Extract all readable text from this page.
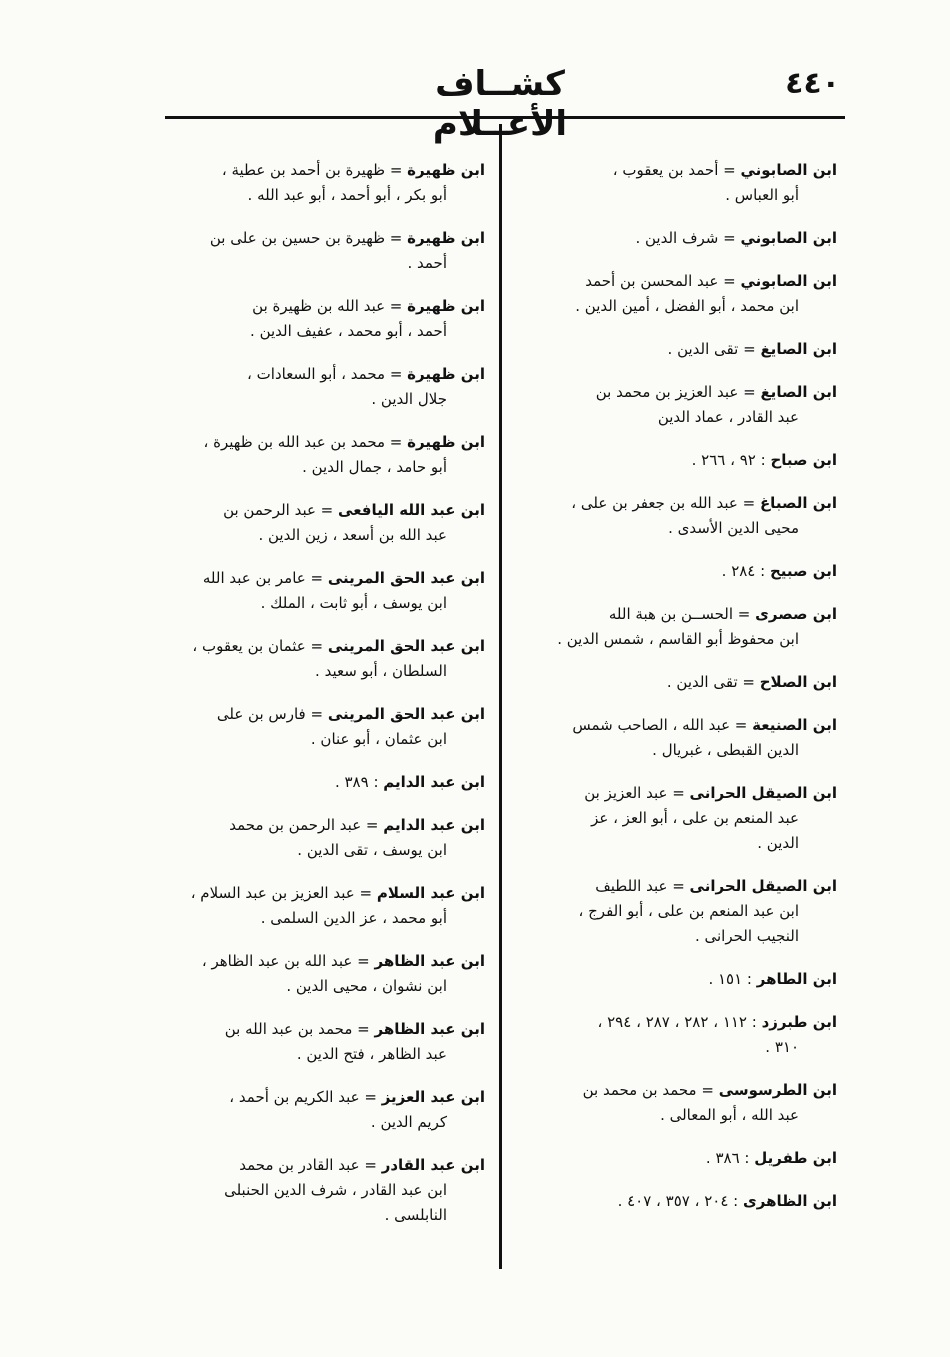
٤٤٠
كشــاف الأعــلام
ابن الصابوني = أحمد بن يعقوب ،
أبو العباس .
ابن الصابوني = شرف الدين .
ابن الصابوني = عبد المحسن بن أحمد
ابن محمد ، أبو الفضل ، أمين الدين .
ابن الصايغ = تقى الدين .
ابن الصايغ = عبد العزيز بن محمد بن
عبد القادر ، عماد الدين
ابن صباح : ٩٢ ، ٢٦٦ .
ابن الصباغ = عبد الله بن جعفر بن على ،
محيى الدين الأسدى .
ابن صبيح : ٢٨٤ .
ابن صصرى = الحســن بن هبة الله
ابن محفوظ أبو القاسم ، شمس الدين .
ابن الصلاح = تقى الدين .
ابن الصنيعة = عبد الله ، الصاحب شمس
الدين القبطى ، غبريال .
ابن الصيقل الحرانى = عبد العزيز بن
عبد المنعم بن على ، أبو العز ، عز
الدين .
ابن الصيقل الحرانى = عبد اللطيف
ابن عبد المنعم بن على ، أبو الفرج ،
النجيب الحرانى .
ابن الطاهر : ١٥١ .
ابن طبرزد : ١١٢ ، ٢٨٢ ، ٢٨٧ ، ٢٩٤ ،
٣١٠ .
ابن الطرسوسى = محمد بن محمد بن
عبد الله ، أبو المعالى .
ابن طفريل : ٣٨٦ .
ابن الظاهرى : ٢٠٤ ، ٣٥٧ ، ٤٠٧ .
ابن ظهيرة = ظهيرة بن أحمد بن عطية ،
أبو بكر ، أبو أحمد ، أبو عبد الله .
ابن ظهيرة = ظهيرة بن حسين بن على بن
أحمد .
ابن ظهيرة = عبد الله بن ظهيرة بن
أحمد ، أبو محمد ، عفيف الدين .
ابن ظهيرة = محمد ، أبو السعادات ،
جلال الدين .
ابن ظهيرة = محمد بن عبد الله بن ظهيرة ،
أبو حامد ، جمال الدين .
ابن عبد الله اليافعى = عبد الرحمن بن
عبد الله بن أسعد ، زين الدين .
ابن عبد الحق المرينى = عامر بن عبد الله
ابن يوسف ، أبو ثابت ، الملك .
ابن عبد الحق المرينى = عثمان بن يعقوب ،
السلطان ، أبو سعيد .
ابن عبد الحق المرينى = فارس بن على
ابن عثمان ، أبو عنان .
ابن عبد الدايم : ٣٨٩ .
ابن عبد الدايم = عبد الرحمن بن محمد
ابن يوسف ، تقى الدين .
ابن عبد السلام = عبد العزيز بن عبد السلام ،
أبو محمد ، عز الدين السلمى .
ابن عبد الظاهر = عبد الله بن عبد الظاهر ،
ابن نشوان ، محيى الدين .
ابن عبد الظاهر = محمد بن عبد الله بن
عبد الظاهر ، فتح الدين .
ابن عبد العزيز = عبد الكريم بن أحمد ،
كريم الدين .
ابن عبد القادر = عبد القادر بن محمد
ابن عبد القادر ، شرف الدين الحنبلى
النابلسى .
